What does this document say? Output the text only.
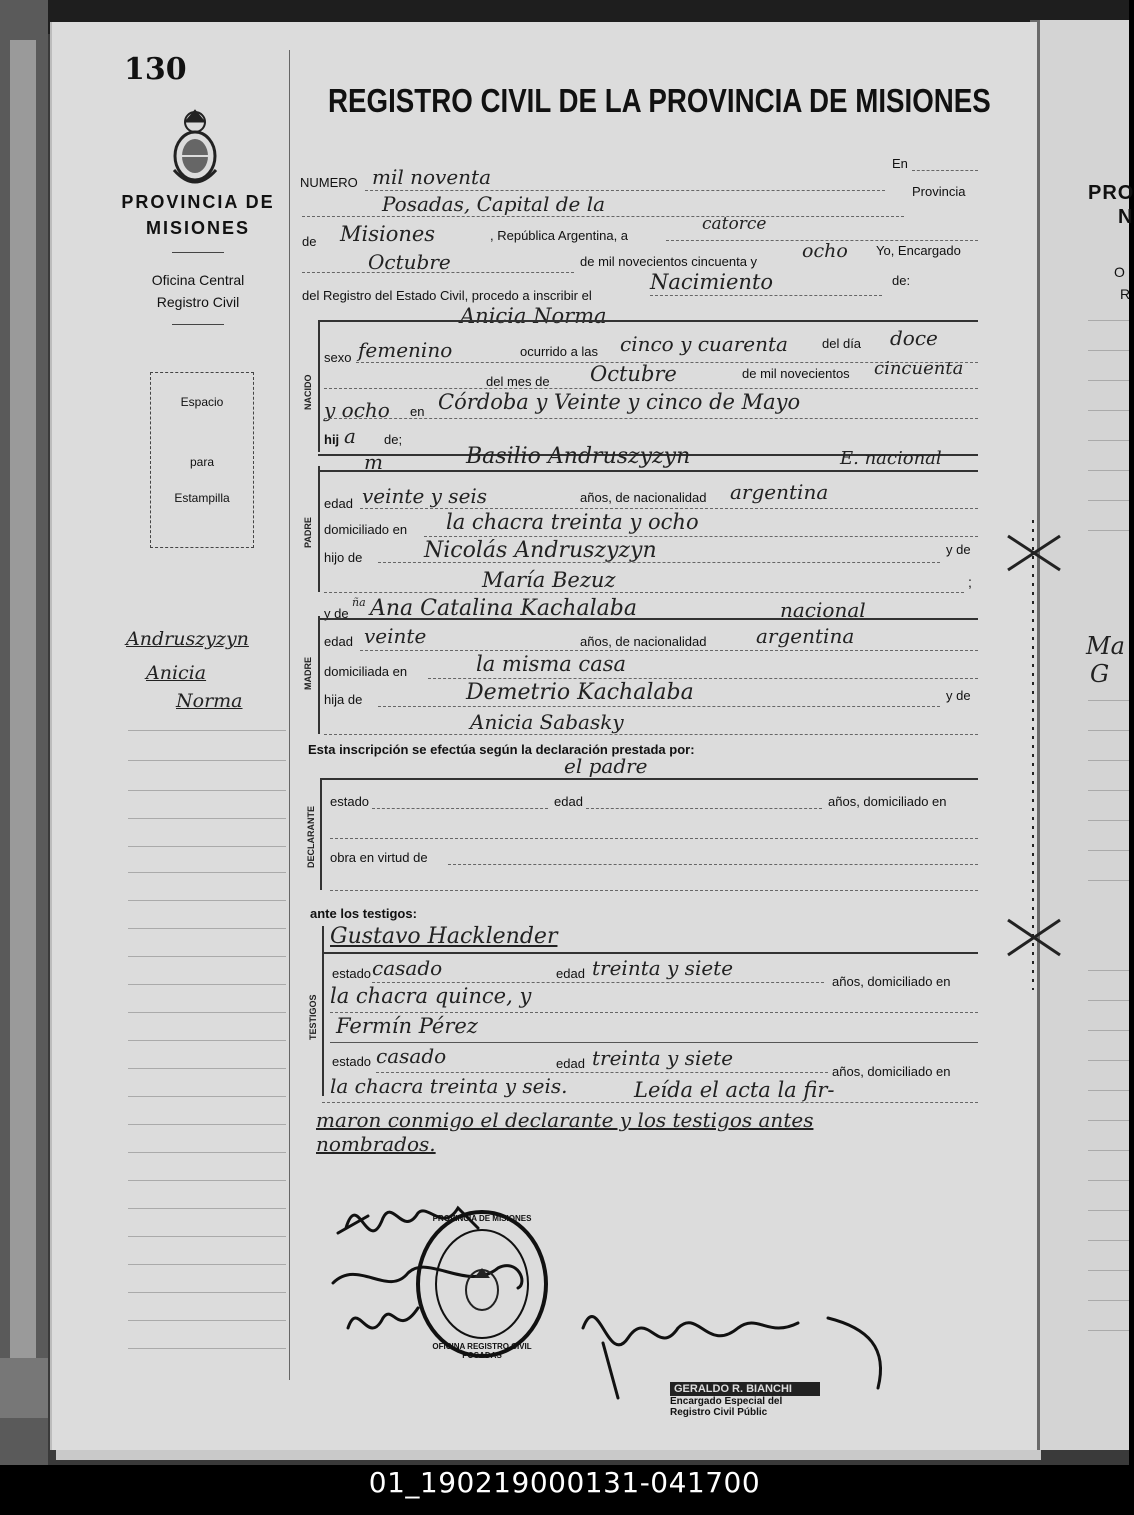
PRO
N
O
R
Ma
G
130
PROVINCIA DE
MISIONES
Oficina Central
Registro Civil
Espacio
para
Estampilla
Andruszyzyn
Anicia
Norma
REGISTRO CIVIL DE LA PROVINCIA DE MISIONES
NUMERO mil noventa
En
Posadas, Capital de la
Provincia
de Misiones	, República Argentina, a
catorce
Octubre	de mil novecientos cincuenta y ocho Yo, Encargado
del Registro del Estado Civil, procedo a inscribir el
Nacimiento	de:
Anicia Norma
NACIDO
sexo femenino	ocurrido a las cinco y cuarenta	del día doce
del mes de Octubre	de mil novecientos cincuenta
y ocho en Córdoba y Veinte y cinco de Mayo
hij a de;
PADRE
m	Basilio Andruszyzyn	E. nacional
edad veinte y seis	años, de nacionalidad argentina
domiciliado en la chacra treinta y ocho
hijo de	Nicolás Andruszyzyn	y de
María Bezuz	;
MADRE
y de
ña Ana Catalina Kachalaba	nacional
edad veinte	años, de nacionalidad argentina
domiciliada en	la misma casa
hija de	Demetrio Kachalaba	y de
Anicia Sabasky
Esta inscripción se efectúa según la declaración prestada por:
el padre
DECLARANTE
estado	edad	años, domiciliado en
obra en virtud de
ante los testigos:
TESTIGOS
Gustavo Hacklender
estado casado	edad treinta y siete
años, domiciliado en
la chacra quince, y
Fermín Pérez
estado casado	edad treinta y siete
años, domiciliado en
la chacra treinta y seis.	Leída el acta la fir-
maron conmigo el declarante y los testigos antes
nombrados.
PROVINCIA DE MISIONES
OFICINA REGISTRO CIVIL POSADAS
GERALDO R. BIANCHI
Encargado Especial del
Registro Civil Públic
01_190219000131-041700
